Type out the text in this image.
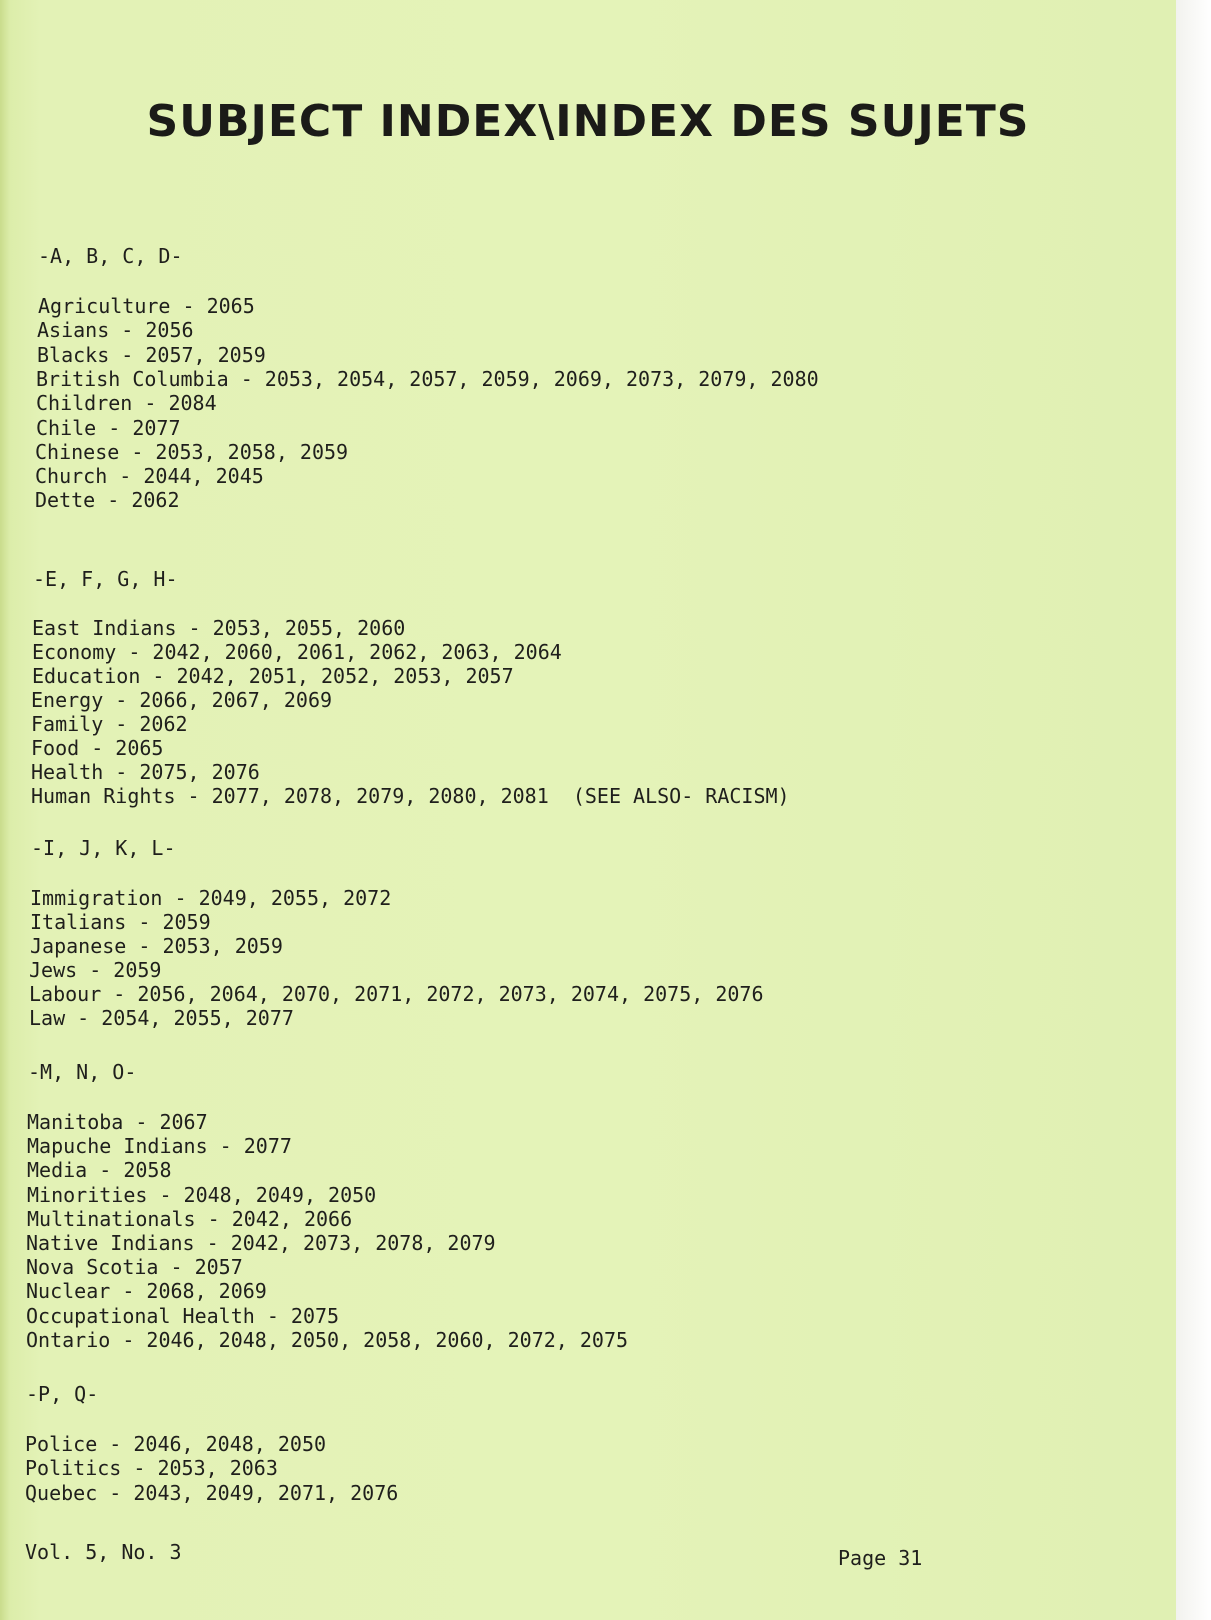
SUBJECT INDEX\INDEX DES SUJETS

-A, B, C, D-

Agriculture - 2065

Asians - 2056

Blacks - 2057, 2059

British Columbia - 2053, 2054, 2057, 2059, 2069, 2073, 2079, 2080

Children - 2084

Chile - 2077

Chinese - 2053, 2058, 2059

Church - 2044, 2045

Dette - 2062

-E, F, G, H-

East Indians - 2053, 2055, 2060

Economy - 2042, 2060, 2061, 2062, 2063, 2064

Education - 2042, 2051, 2052, 2053, 2057

Energy - 2066, 2067, 2069

Family - 2062

Food - 2065

Health - 2075, 2076

Human Rights - 2077, 2078, 2079, 2080, 2081  (SEE ALSO- RACISM)

-I, J, K, L-

Immigration - 2049, 2055, 2072

Italians - 2059

Japanese - 2053, 2059

Jews - 2059

Labour - 2056, 2064, 2070, 2071, 2072, 2073, 2074, 2075, 2076

Law - 2054, 2055, 2077

-M, N, O-

Manitoba - 2067

Mapuche Indians - 2077

Media - 2058

Minorities - 2048, 2049, 2050

Multinationals - 2042, 2066

Native Indians - 2042, 2073, 2078, 2079

Nova Scotia - 2057

Nuclear - 2068, 2069

Occupational Health - 2075

Ontario - 2046, 2048, 2050, 2058, 2060, 2072, 2075

-P, Q-

Police - 2046, 2048, 2050

Politics - 2053, 2063

Quebec - 2043, 2049, 2071, 2076

Vol. 5, No. 3	Page 31
